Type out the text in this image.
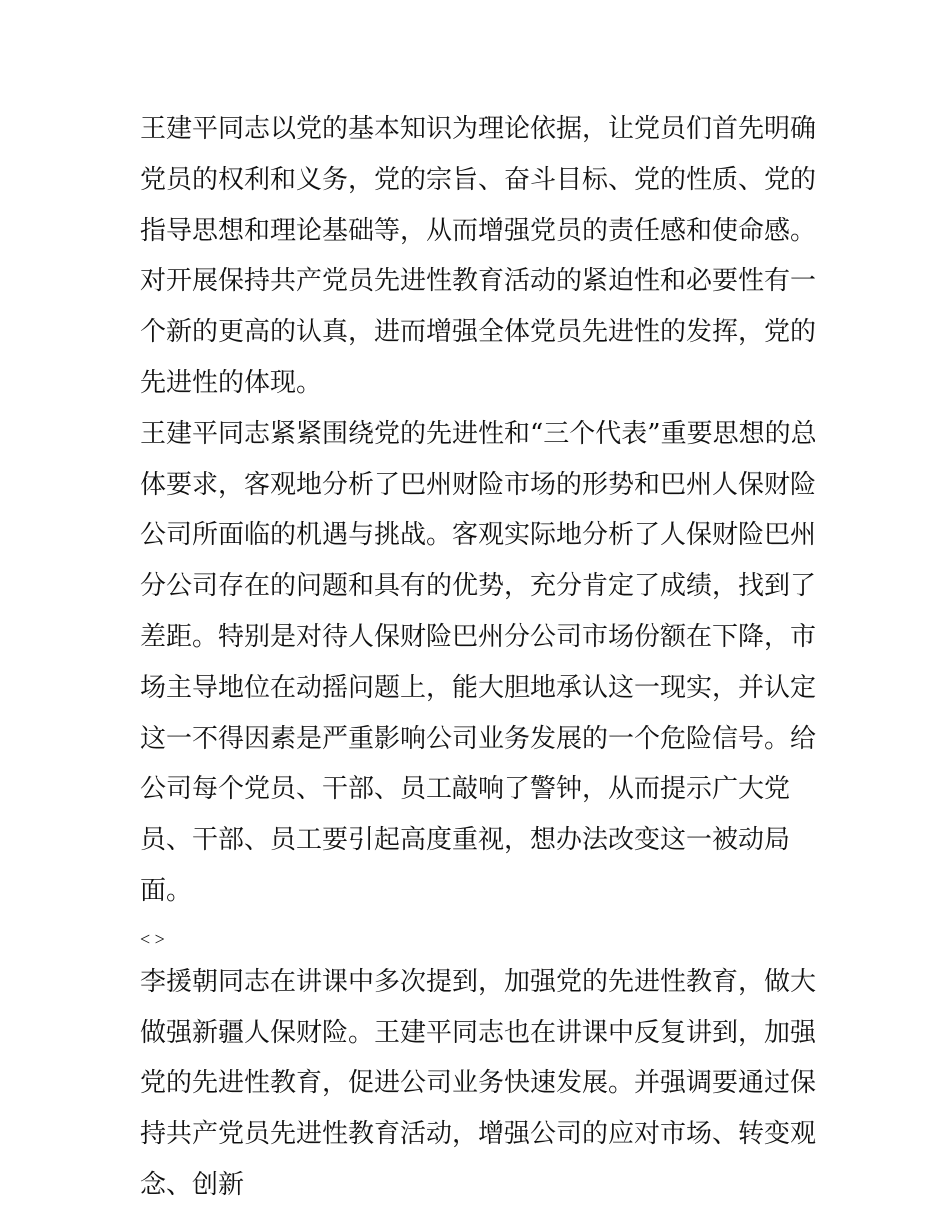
王建平同志以党的基本知识为理论依据，让党员们首先明确党员的权利和义务，党的宗旨、奋斗目标、党的性质、党的指导思想和理论基础等，从而增强党员的责任感和使命感。对开展保持共产党员先进性教育活动的紧迫性和必要性有一个新的更高的认真，进而增强全体党员先进性的发挥，党的先进性的体现。

王建平同志紧紧围绕党的先进性和“三个代表”重要思想的总体要求，客观地分析了巴州财险市场的形势和巴州人保财险公司所面临的机遇与挑战。客观实际地分析了人保财险巴州分公司存在的问题和具有的优势，充分肯定了成绩，找到了差距。特别是对待人保财险巴州分公司市场份额在下降，市场主导地位在动摇问题上，能大胆地承认这一现实，并认定这一不得因素是严重影响公司业务发展的一个危险信号。给公司每个党员、干部、员工敲响了警钟，从而提示广大党员、干部、员工要引起高度重视，想办法改变这一被动局面。

< >

李援朝同志在讲课中多次提到，加强党的先进性教育，做大做强新疆人保财险。王建平同志也在讲课中反复讲到，加强党的先进性教育，促进公司业务快速发展。并强调要通过保持共产党员先进性教育活动，增强公司的应对市场、转变观念、创新
